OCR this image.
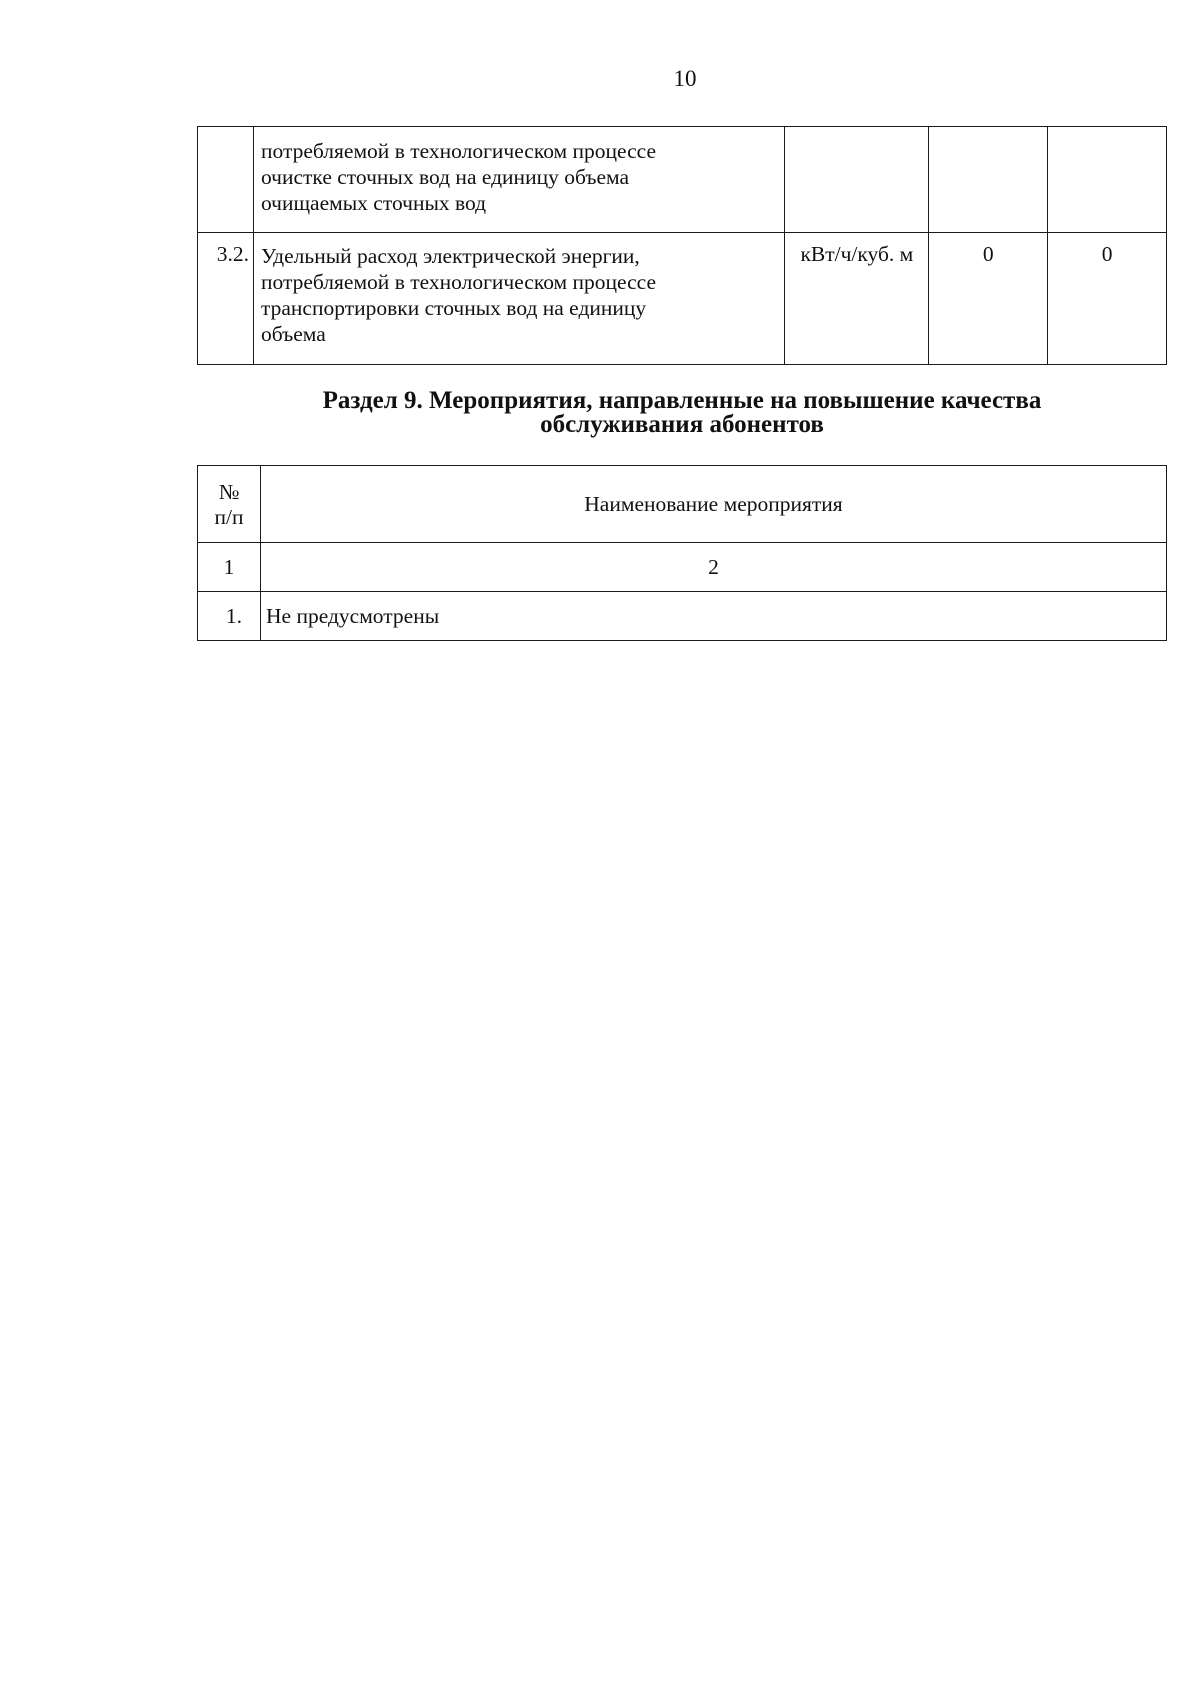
10

	потребляемой в технологическом процессе
очистке сточных вод на единицу объема
очищаемых сточных вод			

3.2.	Удельный расход электрической энергии,
потребляемой в технологическом процессе
транспортировки сточных вод на единицу
объема	кВт/ч/куб. м	0	0
Раздел 9. Мероприятия, направленные на повышение качества
обслуживания абонентов
№
п/п	Наименование мероприятия
1	2
1.	Не предусмотрены
